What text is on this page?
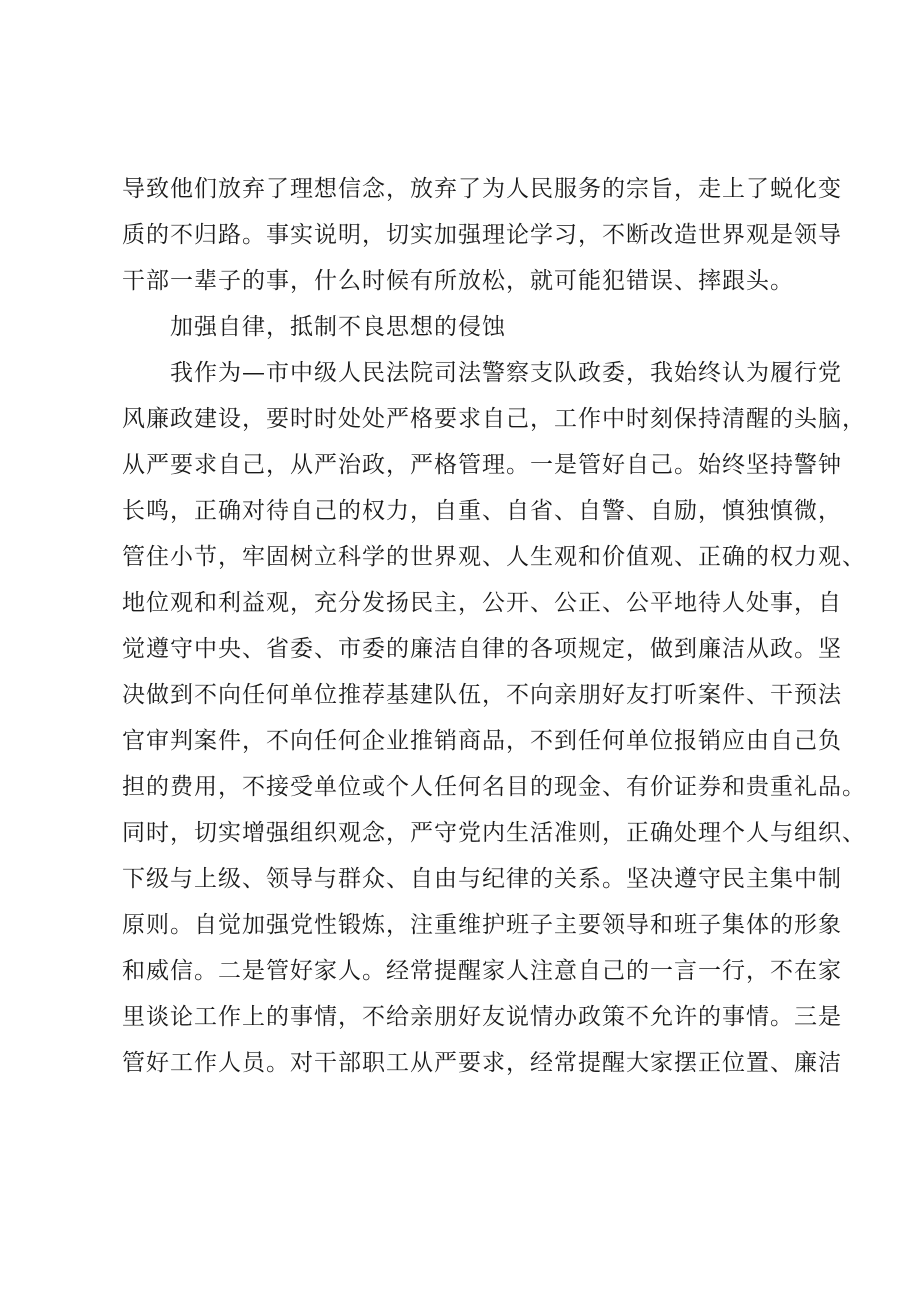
导致他们放弃了理想信念，放弃了为人民服务的宗旨，走上了蜕化变
质的不归路。事实说明，切实加强理论学习，不断改造世界观是领导
干部一辈子的事，什么时候有所放松，就可能犯错误、摔跟头。
加强自律，抵制不良思想的侵蚀
我作为—市中级人民法院司法警察支队政委，我始终认为履行党
风廉政建设，要时时处处严格要求自己，工作中时刻保持清醒的头脑，
从严要求自己，从严治政，严格管理。一是管好自己。始终坚持警钟
长鸣，正确对待自己的权力，自重、自省、自警、自励，慎独慎微，
管住小节，牢固树立科学的世界观、人生观和价值观、正确的权力观、
地位观和利益观，充分发扬民主，公开、公正、公平地待人处事，自
觉遵守中央、省委、市委的廉洁自律的各项规定，做到廉洁从政。坚
决做到不向任何单位推荐基建队伍，不向亲朋好友打听案件、干预法
官审判案件，不向任何企业推销商品，不到任何单位报销应由自己负
担的费用，不接受单位或个人任何名目的现金、有价证券和贵重礼品。
同时，切实增强组织观念，严守党内生活准则，正确处理个人与组织、
下级与上级、领导与群众、自由与纪律的关系。坚决遵守民主集中制
原则。自觉加强党性锻炼，注重维护班子主要领导和班子集体的形象
和威信。二是管好家人。经常提醒家人注意自己的一言一行，不在家
里谈论工作上的事情，不给亲朋好友说情办政策不允许的事情。三是
管好工作人员。对干部职工从严要求，经常提醒大家摆正位置、廉洁
